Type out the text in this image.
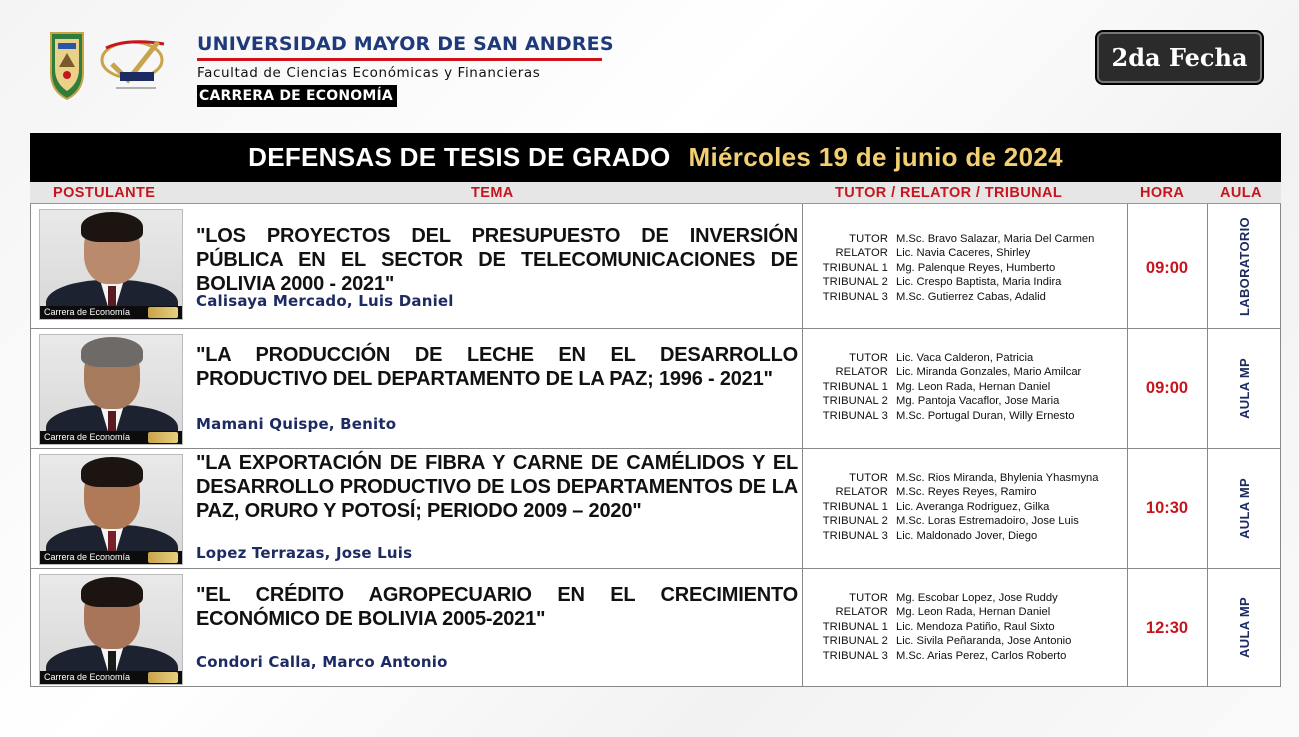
UNIVERSIDAD MAYOR DE SAN ANDRES
Facultad de Ciencias Económicas y Financieras
CARRERA DE ECONOMÍA
2da Fecha
DEFENSAS DE TESIS DE GRADO Miércoles 19 de junio de 2024
POSTULANTE	TEMA	TUTOR / RELATOR / TRIBUNAL	HORA AULA
Carrera de Economía
"LOS PROYECTOS DEL PRESUPUESTO DE INVERSIÓN PÚBLICA EN EL SECTOR DE TELECOMUNICACIONES DE BOLIVIA 2000 - 2021"
Calisaya Mercado, Luis Daniel
TUTOR M.Sc. Bravo Salazar, Maria Del Carmen
RELATOR Lic. Navia Caceres, Shirley
TRIBUNAL 1 Mg. Palenque Reyes, Humberto
TRIBUNAL 2 Lic. Crespo Baptista, Maria Indira
TRIBUNAL 3 M.Sc. Gutierrez Cabas, Adalid
09:00	LABORATORIO
Carrera de Economía
"LA PRODUCCIÓN DE LECHE EN EL DESARROLLO PRODUCTIVO DEL DEPARTAMENTO DE LA PAZ; 1996 - 2021"
Mamani Quispe, Benito
TUTOR Lic. Vaca Calderon, Patricia
RELATOR Lic. Miranda Gonzales, Mario Amilcar
TRIBUNAL 1 Mg. Leon Rada, Hernan Daniel
TRIBUNAL 2 Mg. Pantoja Vacaflor, Jose Maria
TRIBUNAL 3 M.Sc. Portugal Duran, Willy Ernesto
09:00	AULA MP
Carrera de Economía
"LA EXPORTACIÓN DE FIBRA Y CARNE DE CAMÉLIDOS Y EL DESARROLLO PRODUCTIVO DE LOS DEPARTAMENTOS DE LA PAZ, ORURO Y POTOSÍ; PERIODO 2009 – 2020"
Lopez Terrazas, Jose Luis
TUTOR M.Sc. Rios Miranda, Bhylenia Yhasmyna
RELATOR M.Sc. Reyes Reyes, Ramiro
TRIBUNAL 1 Lic. Averanga Rodriguez, Gilka
TRIBUNAL 2 M.Sc. Loras Estremadoiro, Jose Luis
TRIBUNAL 3 Lic. Maldonado Jover, Diego
10:30	AULA MP
Carrera de Economía
"EL CRÉDITO AGROPECUARIO EN EL CRECIMIENTO ECONÓMICO DE BOLIVIA 2005-2021"
Condori Calla, Marco Antonio
TUTOR Mg. Escobar Lopez, Jose Ruddy
RELATOR Mg. Leon Rada, Hernan Daniel
TRIBUNAL 1 Lic. Mendoza Patiño, Raul Sixto
TRIBUNAL 2 Lic. Sivila Peñaranda, Jose Antonio
TRIBUNAL 3 M.Sc. Arias Perez, Carlos Roberto
12:30	AULA MP
